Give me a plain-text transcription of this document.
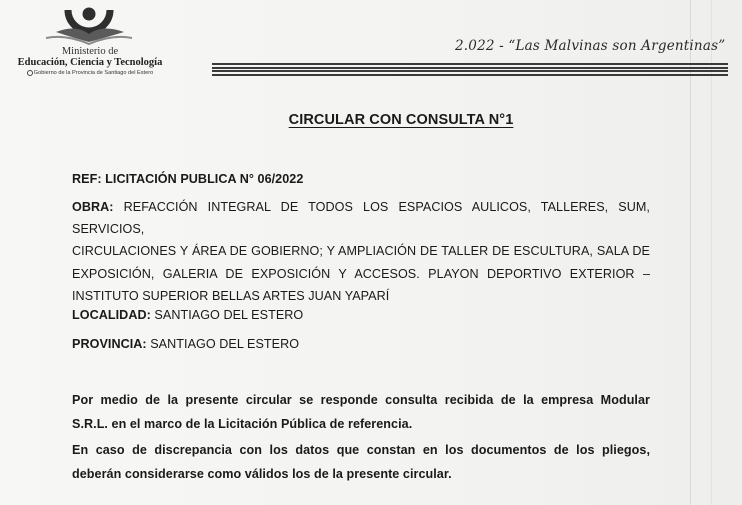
Ministerio de
Educación, Ciencia y Tecnología
Gobierno de la Provincia de Santiago del Estero
2.022 - “Las Malvinas son Argentinas”
CIRCULAR CON CONSULTA N°1
REF: LICITACIÓN PUBLICA N° 06/2022
OBRA: REFACCIÓN INTEGRAL DE TODOS LOS ESPACIOS AULICOS, TALLERES, SUM, SERVICIOS,
CIRCULACIONES Y ÁREA DE GOBIERNO; Y AMPLIACIÓN DE TALLER DE ESCULTURA, SALA DE
EXPOSICIÓN, GALERIA DE EXPOSICIÓN Y ACCESOS. PLAYON DEPORTIVO EXTERIOR –
INSTITUTO SUPERIOR BELLAS ARTES JUAN YAPARÍ
LOCALIDAD: SANTIAGO DEL ESTERO
PROVINCIA: SANTIAGO DEL ESTERO
Por medio de la presente circular se responde consulta recibida de la empresa Modular
S.R.L. en el marco de la Licitación Pública de referencia.
En caso de discrepancia con los datos que constan en los documentos de los pliegos,
deberán considerarse como válidos los de la presente circular.
